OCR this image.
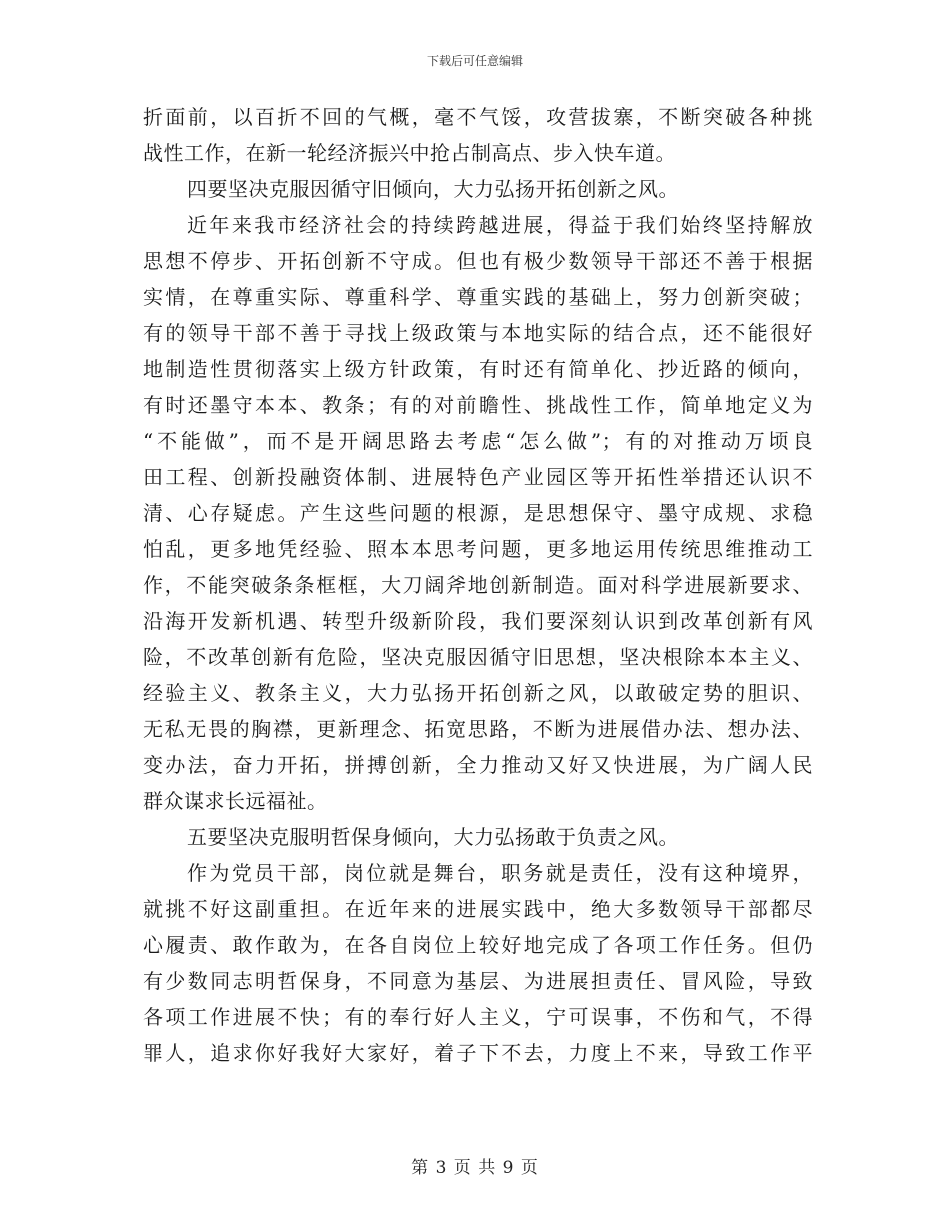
下载后可任意编辑
折面前，以百折不回的气概，毫不气馁，攻营拔寨，不断突破各种挑
战性工作，在新一轮经济振兴中抢占制高点、步入快车道。
四要坚决克服因循守旧倾向，大力弘扬开拓创新之风。
近年来我市经济社会的持续跨越进展，得益于我们始终坚持解放
思想不停步、开拓创新不守成。但也有极少数领导干部还不善于根据
实情，在尊重实际、尊重科学、尊重实践的基础上，努力创新突破；
有的领导干部不善于寻找上级政策与本地实际的结合点，还不能很好
地制造性贯彻落实上级方针政策，有时还有简单化、抄近路的倾向，
有时还墨守本本、教条；有的对前瞻性、挑战性工作，简单地定义为
“不能做”，而不是开阔思路去考虑“怎么做”；有的对推动万顷良
田工程、创新投融资体制、进展特色产业园区等开拓性举措还认识不
清、心存疑虑。产生这些问题的根源，是思想保守、墨守成规、求稳
怕乱，更多地凭经验、照本本思考问题，更多地运用传统思维推动工
作，不能突破条条框框，大刀阔斧地创新制造。面对科学进展新要求、
沿海开发新机遇、转型升级新阶段，我们要深刻认识到改革创新有风
险，不改革创新有危险，坚决克服因循守旧思想，坚决根除本本主义、
经验主义、教条主义，大力弘扬开拓创新之风，以敢破定势的胆识、
无私无畏的胸襟，更新理念、拓宽思路，不断为进展借办法、想办法、
变办法，奋力开拓，拼搏创新，全力推动又好又快进展，为广阔人民
群众谋求长远福祉。
五要坚决克服明哲保身倾向，大力弘扬敢于负责之风。
作为党员干部，岗位就是舞台，职务就是责任，没有这种境界，
就挑不好这副重担。在近年来的进展实践中，绝大多数领导干部都尽
心履责、敢作敢为，在各自岗位上较好地完成了各项工作任务。但仍
有少数同志明哲保身，不同意为基层、为进展担责任、冒风险，导致
各项工作进展不快；有的奉行好人主义，宁可误事，不伤和气，不得
罪人，追求你好我好大家好，着子下不去，力度上不来，导致工作平
第 3 页 共 9 页
